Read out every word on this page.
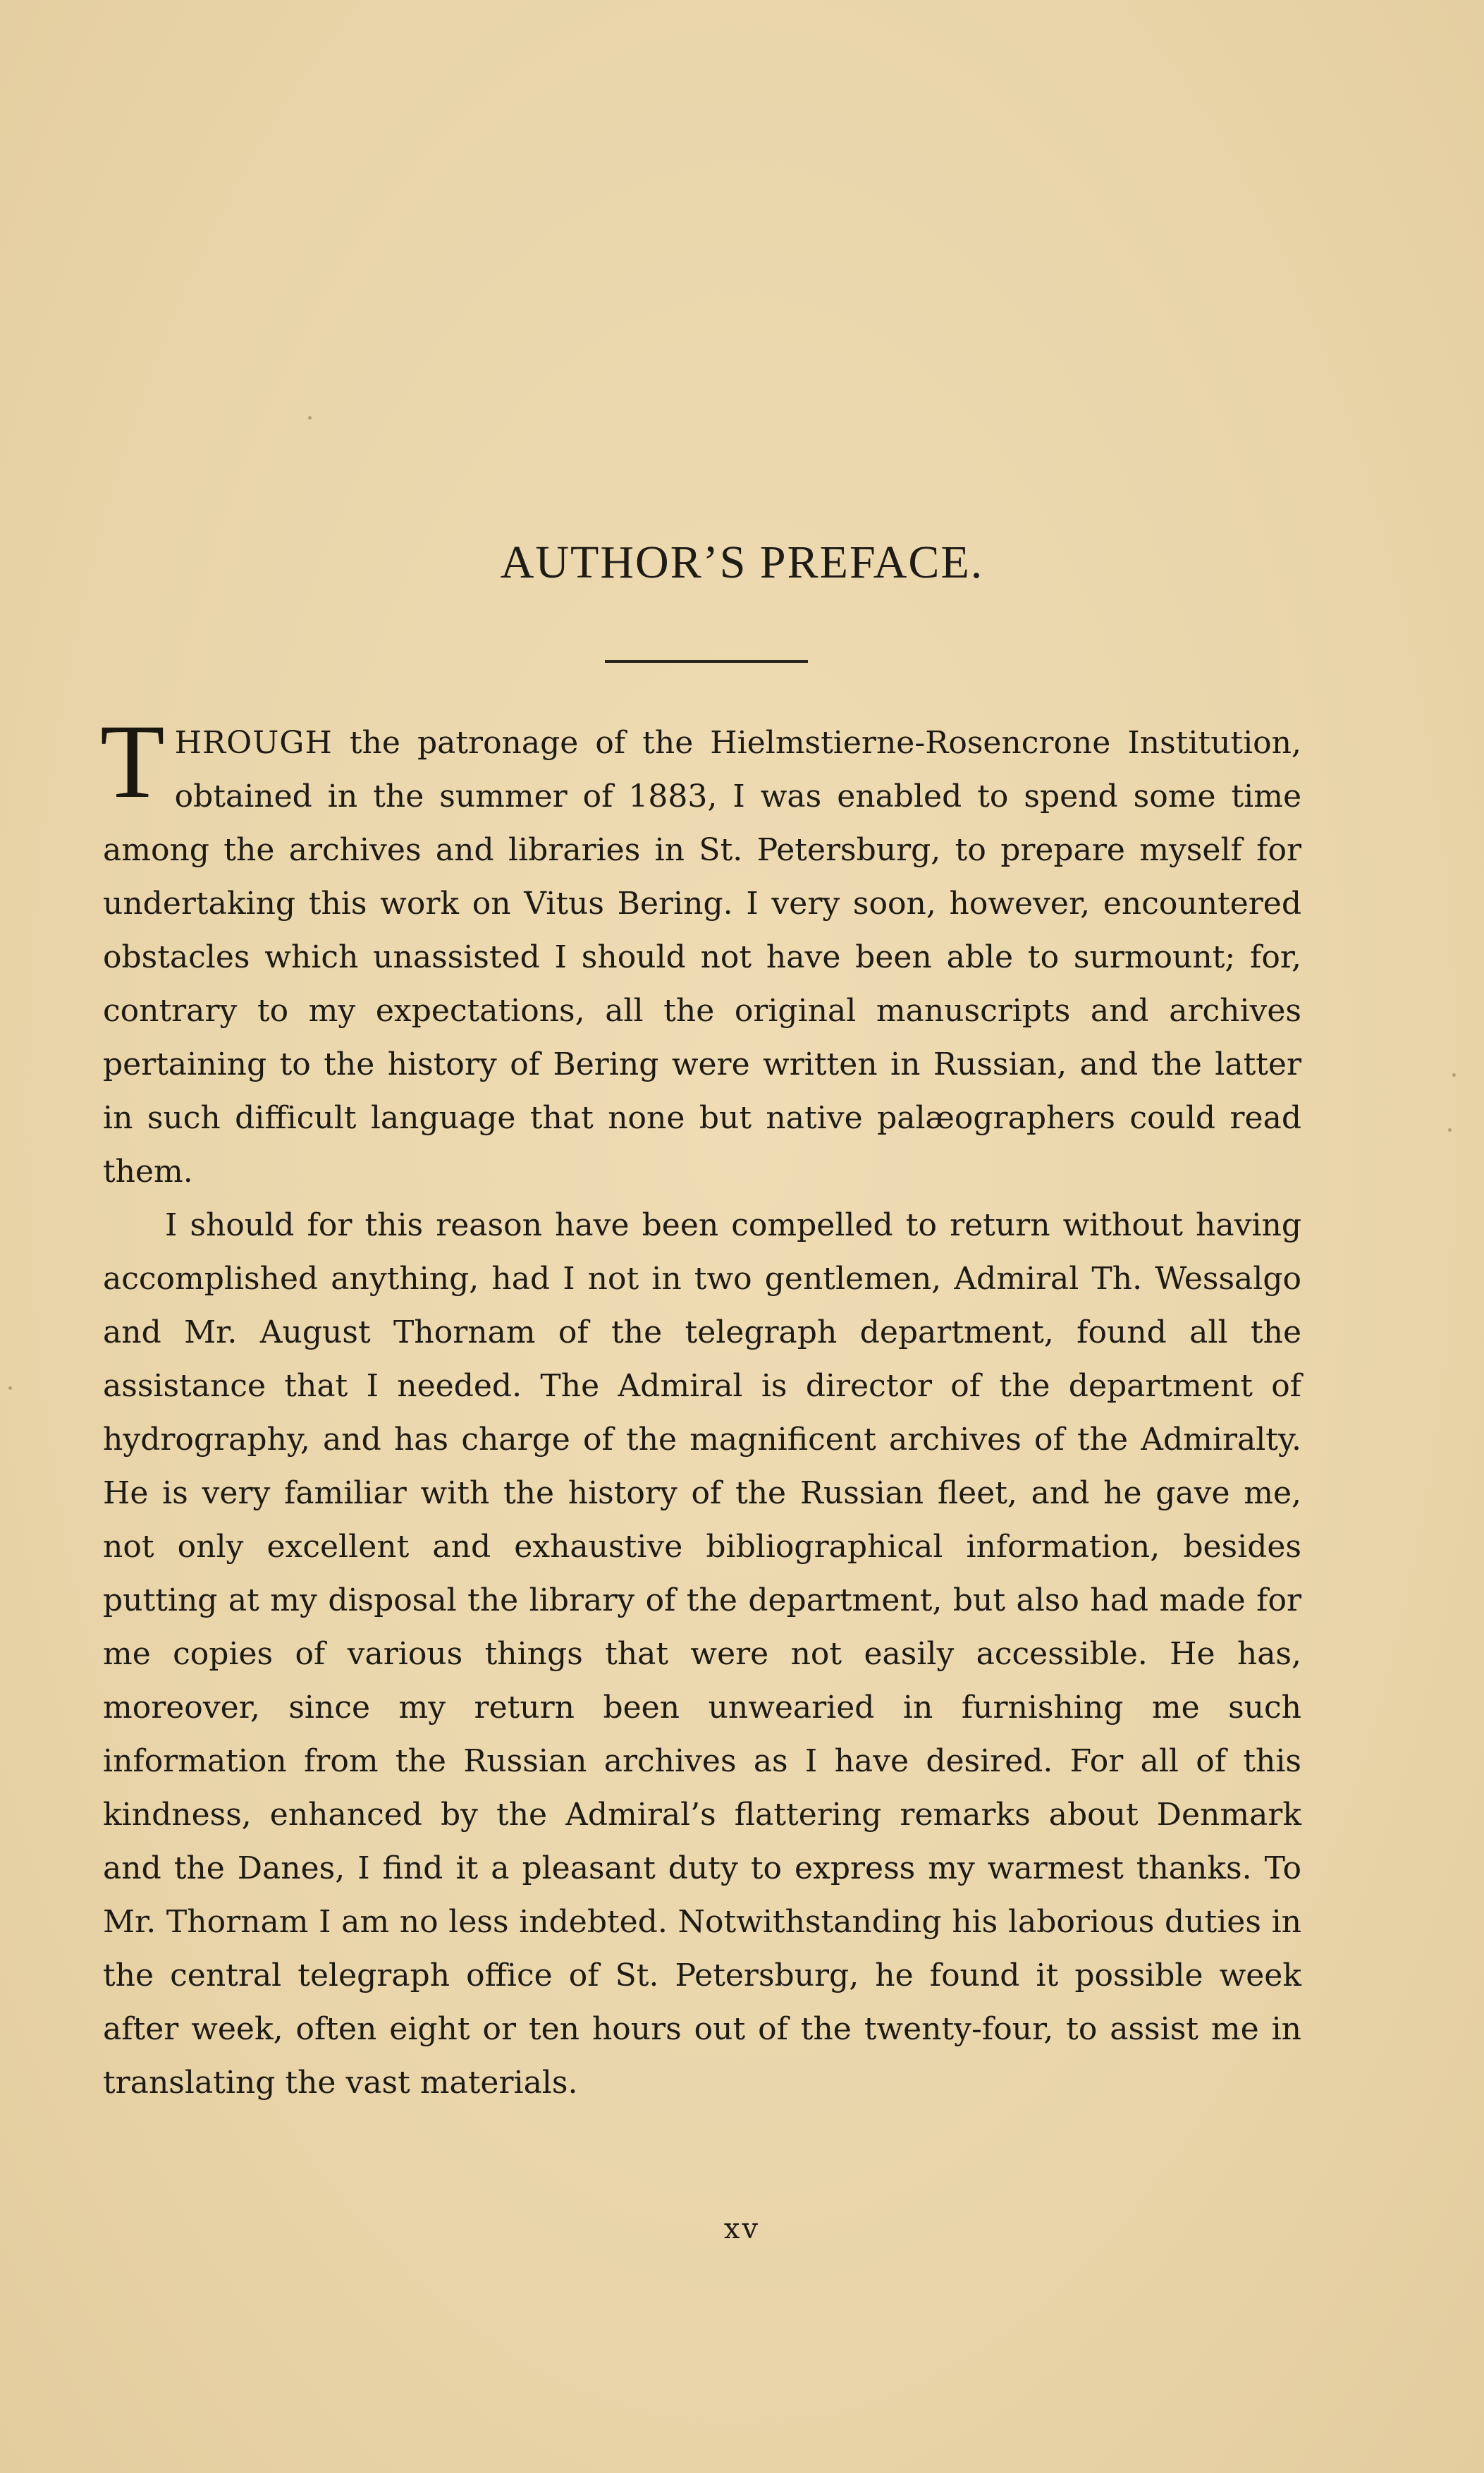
AUTHOR’S PREFACE.

THROUGH the patronage of the Hielmstierne-Rosencrone Institution, obtained in the summer of 1883, I was enabled to spend some time among the archives and libraries in St. Petersburg, to prepare myself for undertaking this work on Vitus Bering. I very soon, however, encountered obstacles which unassisted I should not have been able to surmount; for, contrary to my expectations, all the original manuscripts and archives pertaining to the history of Bering were written in Russian, and the latter in such difficult language that none but native palæographers could read them.

I should for this reason have been compelled to return without having accomplished anything, had I not in two gentlemen, Admiral Th. Wessalgo and Mr. August Thornam of the telegraph department, found all the assistance that I needed. The Admiral is director of the department of hydrography, and has charge of the magnificent archives of the Admiralty. He is very familiar with the history of the Russian fleet, and he gave me, not only excellent and exhaustive bibliographical information, besides putting at my disposal the library of the department, but also had made for me copies of various things that were not easily accessible. He has, moreover, since my return been unwearied in furnishing me such information from the Russian archives as I have desired. For all of this kindness, enhanced by the Admiral’s flattering remarks about Denmark and the Danes, I find it a pleasant duty to express my warmest thanks. To Mr. Thornam I am no less indebted. Notwithstanding his laborious duties in the central telegraph office of St. Petersburg, he found it possible week after week, often eight or ten hours out of the twenty-four, to assist me in translating the vast materials.

xv
